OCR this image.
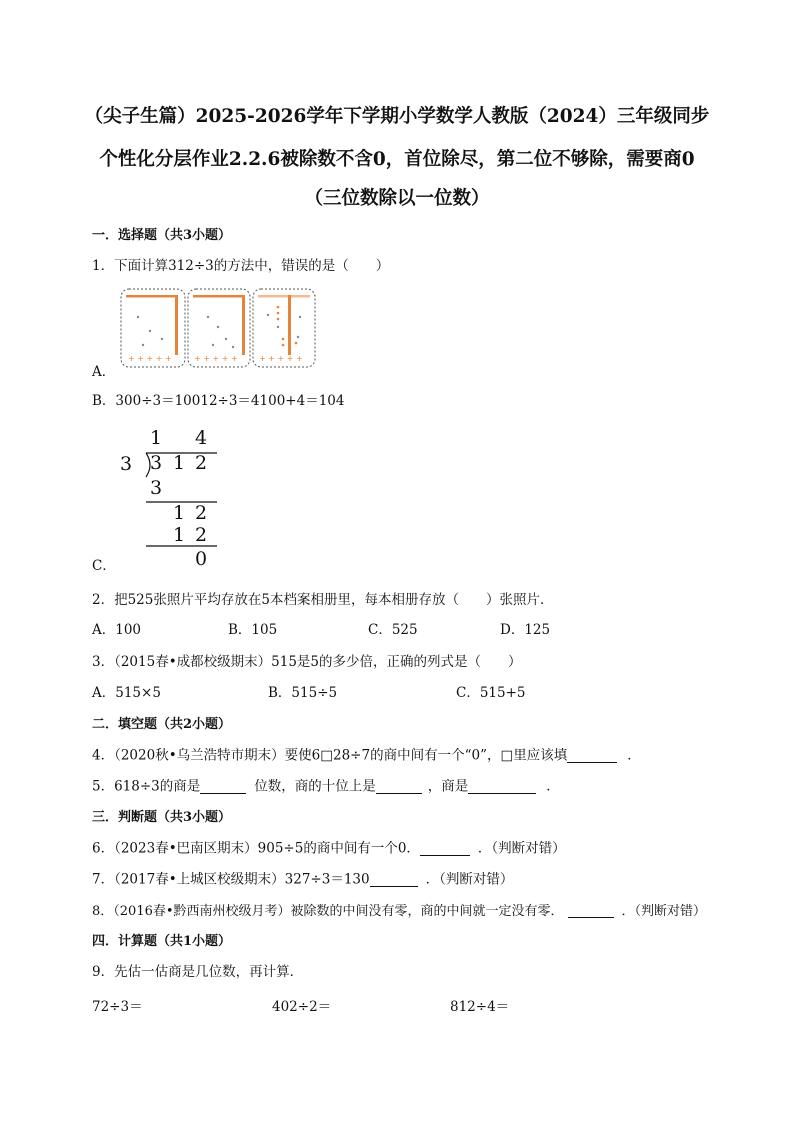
（尖子生篇）2025-2026学年下学期小学数学人教版（2024）三年级同步
个性化分层作业2.2.6被除数不含0，首位除尽，第二位不够除，需要商0
（三位数除以一位数）
一．选择题（共3小题）
1．下面计算312÷3的方法中，错误的是（　　）
+ + + + +	+ + + + +	+ + + + +
A．
B．300÷3＝10012÷3＝4100+4＝104
1 4
3 3 1 2
3
1 2
1 2
0
C．
2．把525张照片平均存放在5本档案相册里，每本相册存放（　　）张照片．
A．100	B．105	C．525	D．125
3．（2015春•成都校级期末）515是5的多少倍，正确的列式是（　　）
A．515×5	B．515÷5	C．515+5
二．填空题（共2小题）
4．（2020秋•乌兰浩特市期末）要使6□28÷7的商中间有一个“0”，□里应该填	．
5．618÷3的商是	位数，商的十位上是	，商是	．
三．判断题（共3小题）
6．（2023春•巴南区期末）905÷5的商中间有一个0．	．（判断对错）
7．（2017春•上城区校级期末）327÷3＝130	．（判断对错）
8．（2016春•黔西南州校级月考）被除数的中间没有零，商的中间就一定没有零．	．（判断对错）
四．计算题（共1小题）
9．先估一估商是几位数，再计算．
72÷3＝	402÷2＝	812÷4＝
